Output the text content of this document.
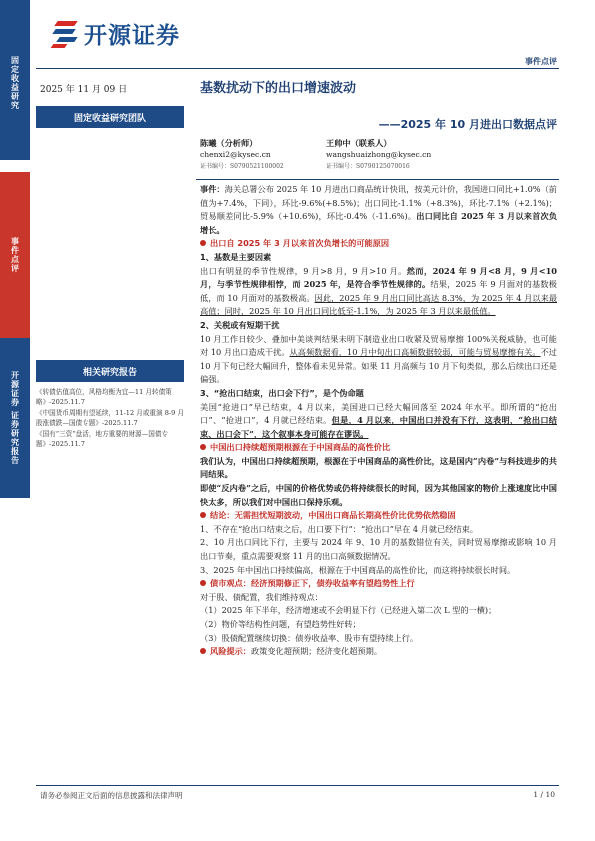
开源证券
事件点评
固定收益研究
事件点评
开源证券 证券研究报告
2025 年 11 月 09 日
固定收益研究团队
相关研究报告

《转债估值高位，风格均衡为宜—11 月转债策略》-2025.11.7

《中国货币周期有望延续，11-12 月或重演 8-9 月股涨债跌—国债专题》-2025.11.7

《国有“三资”盘活，地方重要的财源—国债专题》-2025.11.7

基数扰动下的出口增速波动
——2025 年 10 月进出口数据点评
陈曦（分析师）
chenxi2@kysec.cn
证书编号：S0790521100002
王帅中（联系人）
wangshuaizhong@kysec.cn
证书编号：S0790125070016

事件：海关总署公布 2025 年 10 月进出口商品统计快讯，按美元计价，我国进口同比+1.0%（前值为+7.4%，下同），环比-9.6%(+8.5%)；出口同比-1.1%（+8.3%)，环比-7.1%（+2.1%)；贸易顺差同比-5.9%（+10.6%)，环比-0.4%（-11.6%)。出口同比自 2025 年 3 月以来首次负增长。

出口自 2025 年 3 月以来首次负增长的可能原因

1、基数是主要因素

出口有明显的季节性规律，9 月>8 月，9 月>10 月。然而，2024 年 9 月<8 月，9 月<10 月，与季节性规律相悖，而 2025 年，是符合季节性规律的。结果，2025 年 9 月面对的基数极低，而 10 月面对的基数极高。因此，2025 年 9 月出口同比高达 8.3%，为 2025 年 4 月以来最高值；同时，2025 年 10 月出口同比低至-1.1%，为 2025 年 3 月以来最低值。

2、关税或有短期干扰

10 月工作日较少、叠加中美谈判结果未明下制造业出口收紧及贸易摩擦 100%关税威胁，也可能对 10 月出口造成干扰。从高频数据看，10 月中旬出口高频数据较弱，可能与贸易摩擦有关。不过 10 月下旬已经大幅回升，整体看未见异常。如果 11 月高频与 10 月下旬类似，那么后续出口还是偏强。

3、“抢出口结束，出口会下行”，是个伪命题

美国“抢进口”早已结束，4 月以来，美国进口已经大幅回落至 2024 年水平。即所谓的“抢出口”、“抢进口”，4 月就已经结束。但是，4 月以来，中国出口并没有下行，这表明，“抢出口结束、出口会下”，这个叙事本身可能存在谬误。

中国出口持续超预期根源在于中国商品的高性价比

我们认为，中国出口持续超预期，根源在于中国商品的高性价比，这是国内“内卷”与科技进步的共同结果。

即使“反内卷”之后，中国的价格优势或仍将持续很长的时间，因为其他国家的物价上涨速度比中国快太多，所以我们对中国出口保持乐观。

结论：无需担忧短期波动，中国出口商品长期高性价比优势依然稳固

1、不存在“抢出口结束之后，出口要下行”：“抢出口”早在 4 月就已经结束。

2、10 月出口同比下行，主要与 2024 年 9、10 月的基数错位有关，同时贸易摩擦或影响 10 月出口节奏，重点需要观察 11 月的出口高频数据情况。

3、2025 年中国出口持续偏高，根源在于中国商品的高性价比，而这将持续很长时间。

债市观点：经济预期修正下，债券收益率有望趋势性上行

对于股、债配置，我们维持观点：

（1）2025 年下半年，经济增速或不会明显下行（已经进入第二次 L 型的一横)；

（2）物价等结构性问题，有望趋势性好转；

（3）股债配置继续切换：债券收益率、股市有望持续上行。

风险提示：政策变化超预期；经济变化超预期。

请务必参阅正文后面的信息披露和法律声明	1 / 10
